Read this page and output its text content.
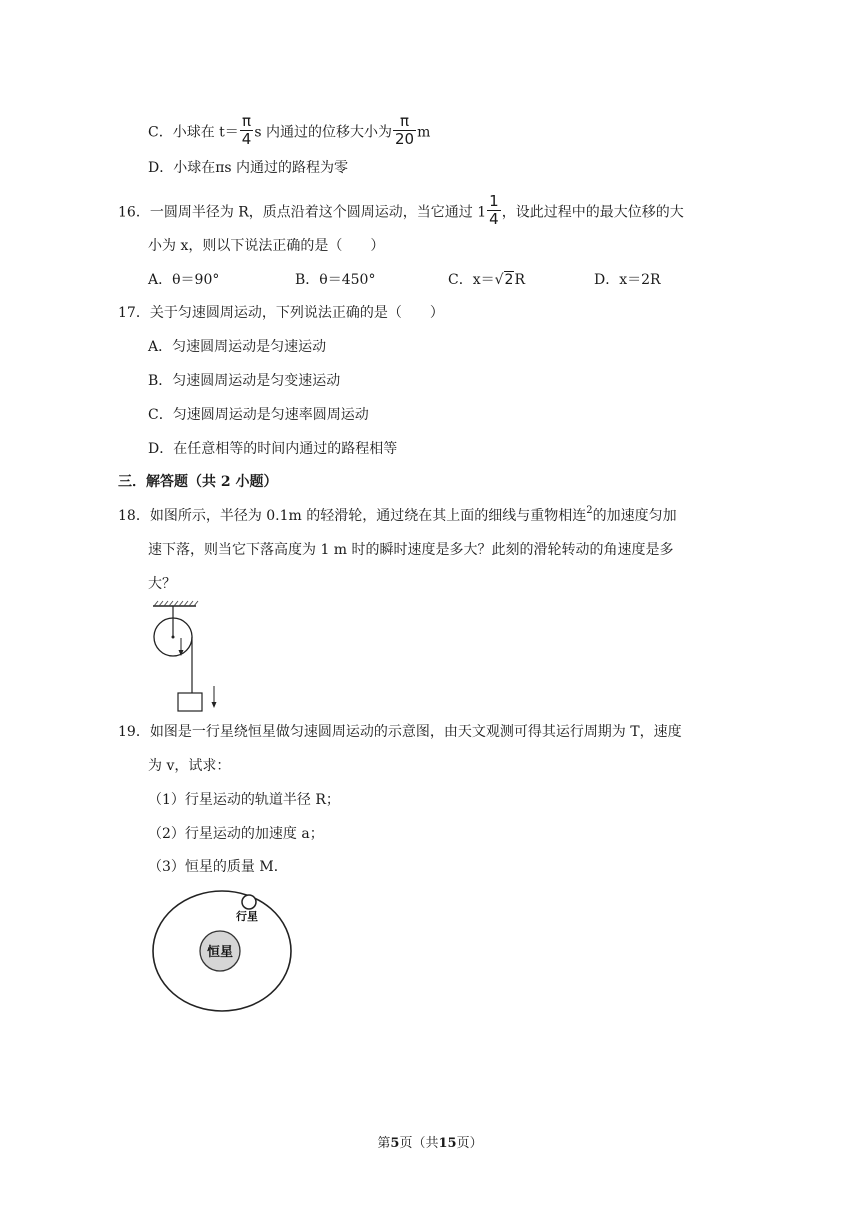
C．小球在 $t= \frac{\pi}{4}$ s 内通过的位移大小为 $\frac{\pi}{20}$ m
D．小球在πs 内通过的路程为零
16．一圆周半径为 R，质点沿着这个圆周运动，当它通过 $1 \frac{1}{4}$ ，设此过程中的最大位移的大
小为 x，则以下说法正确的是（　　）
A．θ＝90°	B．θ＝450°	C．x＝√2R	D．x＝2R
17．关于匀速圆周运动，下列说法正确的是（　　）
A．匀速圆周运动是匀速运动
B．匀速圆周运动是匀变速运动
C．匀速圆周运动是匀速率圆周运动
D．在任意相等的时间内通过的路程相等
三．解答题（共 2 小题）
18．如图所示，半径为 0.1m 的轻滑轮，通过绕在其上面的细线与重物相连$^2$的加速度匀加
速下落，则当它下落高度为 1 m 时的瞬时速度是多大？此刻的滑轮转动的角速度是多
大？
19．如图是一行星绕恒星做匀速圆周运动的示意图，由天文观测可得其运行周期为 T，速度
为 v，试求：
（1）行星运动的轨道半径 R；
（2）行星运动的加速度 a；
（3）恒星的质量 M．
恒星
行星
第5页（共15页）
